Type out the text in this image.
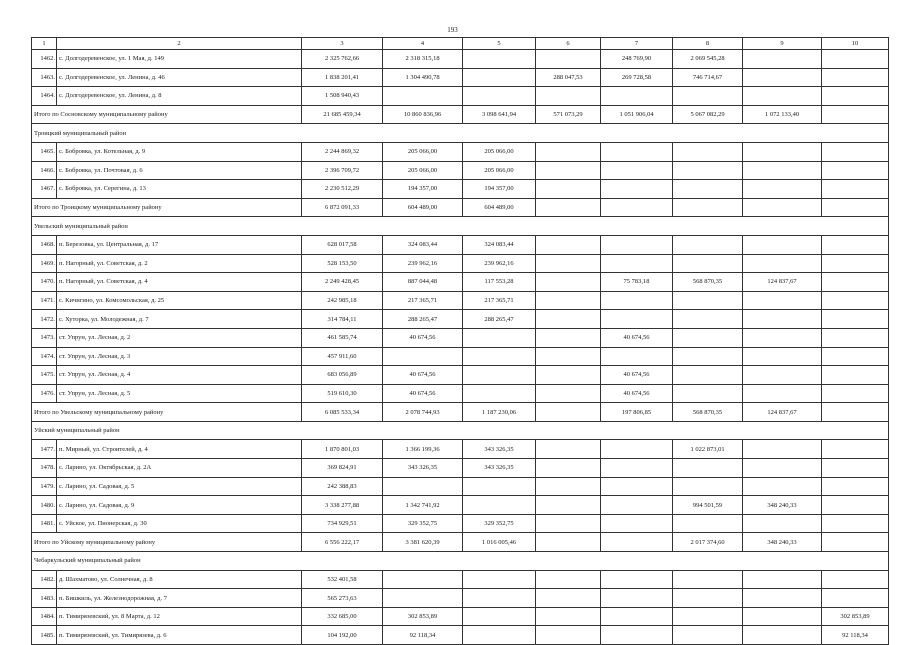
193
1	2	3	4	5	6	7	8	9	10
1462.	с. Долгодеревенское, ул. 1 Мая, д. 149	2 325 762,66	2 318 315,18			248 769,90	2 069 545,28		
1463.	с. Долгодеревенское, ул. Ленина, д. 46	1 838 201,41	1 304 490,78		288 047,53	269 728,58	746 714,67		
1464.	с. Долгодеревенское, ул. Ленина, д. 8	1 508 940,43							
Итого по Сосновскому муниципальному району		21 685 459,34	10 860 836,96	3 098 641,94	571 073,29	1 051 906,04	5 067 082,29	1 072 133,40	
Троицкий муниципальный район									
1465.	с. Бобровка, ул. Котельная, д. 9	2 244 869,32	205 066,00	205 066,00					
1466.	с. Бобровка, ул. Почтовая, д. 6	2 396 709,72	205 066,00	205 066,00					
1467.	с. Бобровка, ул. Серегина, д. 13	2 230 512,29	194 357,00	194 357,00					
Итого по Троицкому муниципальному району		6 872 091,33	604 489,00	604 489,00					
Увельский муниципальный район									
1468.	п. Березовка, ул. Центральная, д. 17	628 017,58	324 083,44	324 083,44					
1469.	п. Нагорный, ул. Советская, д. 2	528 153,50	239 962,16	239 962,16					
1470.	п. Нагорный, ул. Советская, д. 4	2 249 428,45	887 044,48	117 553,28		75 783,18	568 870,35	124 837,67	
1471.	с. Кичигино, ул. Комсомольская, д. 25	242 985,18	217 365,71	217 365,71					
1472.	с. Хуторка, ул. Молодежная, д. 7	314 784,11	288 265,47	288 265,47					
1473.	ст. Упрун, ул. Лесная, д. 2	461 585,74	40 674,56			40 674,56			
1474.	ст. Упрун, ул. Лесная, д. 3	457 911,60							
1475.	ст. Упрун, ул. Лесная, д. 4	683 056,89	40 674,56			40 674,56			
1476.	ст. Упрун, ул. Лесная, д. 5	519 610,30	40 674,56			40 674,56			
Итого по Увельскому муниципальному району		6 085 533,34	2 078 744,93	1 187 230,06		197 806,85	568 870,35	124 837,67	
Уйский муниципальный район									
1477.	п. Мирный, ул. Строителей, д. 4	1 870 801,03	1 366 199,36	343 326,35			1 022 873,01		
1478.	с. Ларино, ул. Октябрьская, д. 2А	369 824,91	343 326,35	343 326,35					
1479.	с. Ларино, ул. Садовая, д. 5	242 388,83							
1480.	с. Ларино, ул. Садовая, д. 9	3 338 277,88	1 342 741,92				994 501,59	348 240,33	
1481.	с. Уйское, ул. Пионерская, д. 30	734 929,51	329 352,75	329 352,75					
Итого по Уйскому муниципальному району		6 556 222,17	3 381 620,39	1 016 005,46			2 017 374,60	348 240,33	
Чебаркульский муниципальный район									
1482.	д. Шахматово, ул. Солнечная, д. 8	532 401,58							
1483.	п. Бишкиль, ул. Железнодорожная, д. 7	565 273,63							
1484.	п. Тимирязевский, ул. 8 Марта, д. 12	332 685,00	302 853,89						302 853,89
1485.	п. Тимирязевский, ул. Тимирязева, д. 6	104 192,00	92 118,34						92 118,34
